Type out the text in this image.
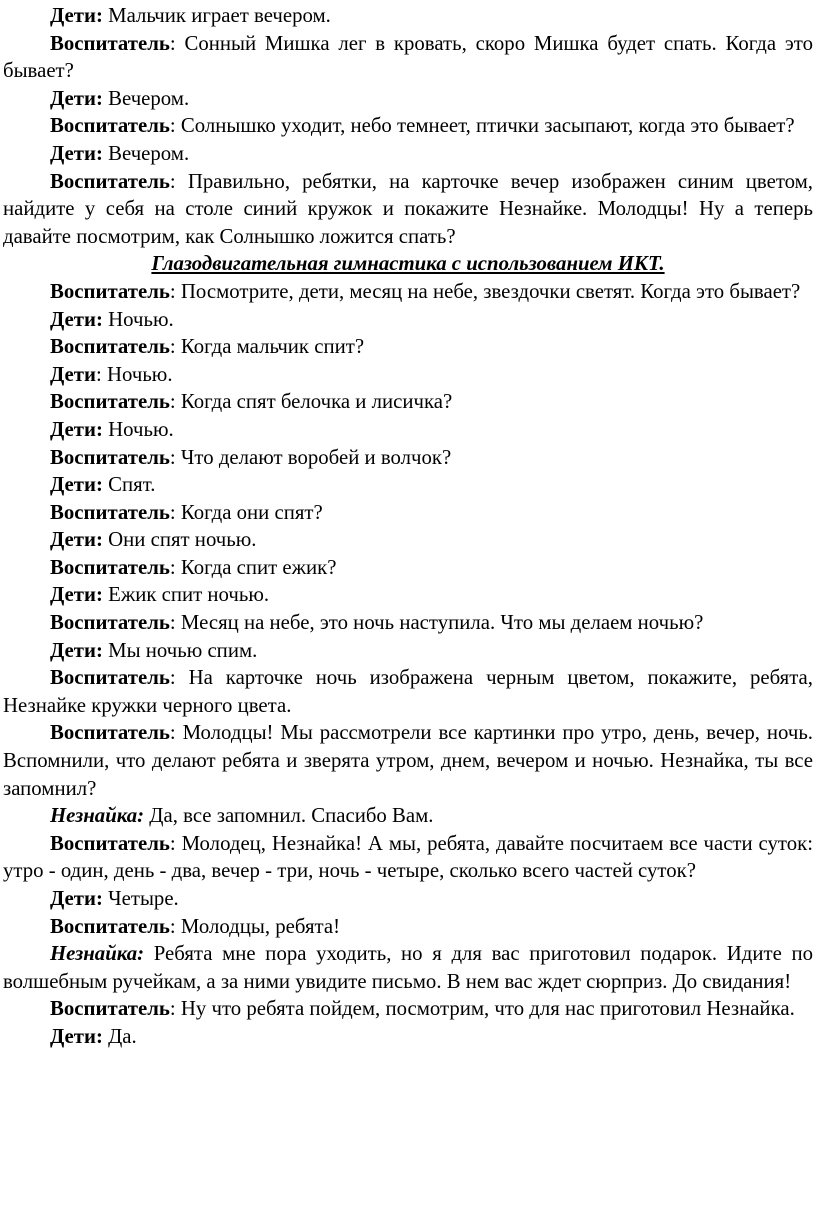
Дети: Мальчик играет вечером.

Воспитатель: Сонный Мишка лег в кровать, скоро Мишка будет спать. Когда это бывает?

Дети: Вечером.

Воспитатель: Солнышко уходит, небо темнеет, птички засыпают, когда это бывает?

Дети: Вечером.

Воспитатель: Правильно, ребятки, на карточке вечер изображен синим цветом, найдите у себя на столе синий кружок и покажите Незнайке. Молодцы! Ну а теперь давайте посмотрим, как Солнышко ложится спать?

Глазодвигательная гимнастика с использованием ИКТ.

Воспитатель: Посмотрите, дети, месяц на небе, звездочки светят. Когда это бывает?

Дети: Ночью.

Воспитатель: Когда мальчик спит?

Дети: Ночью.

Воспитатель: Когда спят белочка и лисичка?

Дети: Ночью.

Воспитатель: Что делают воробей и волчок?

Дети: Спят.

Воспитатель: Когда они спят?

Дети: Они спят ночью.

Воспитатель: Когда спит ежик?

Дети: Ежик спит ночью.

Воспитатель: Месяц на небе, это ночь наступила. Что мы делаем ночью?

Дети: Мы ночью спим.

Воспитатель: На карточке ночь изображена черным цветом, покажите, ребята, Незнайке кружки черного цвета.

Воспитатель: Молодцы! Мы рассмотрели все картинки про утро, день, вечер, ночь. Вспомнили, что делают ребята и зверята утром, днем, вечером и ночью. Незнайка, ты все запомнил?

Незнайка: Да, все запомнил. Спасибо Вам.

Воспитатель: Молодец, Незнайка! А мы, ребята, давайте посчитаем все части суток: утро - один, день - два, вечер - три, ночь - четыре, сколько всего частей суток?

Дети: Четыре.

Воспитатель: Молодцы, ребята!

Незнайка: Ребята мне пора уходить, но я для вас приготовил подарок. Идите по волшебным ручейкам, а за ними увидите письмо. В нем вас ждет сюрприз. До свидания!

Воспитатель: Ну что ребята пойдем, посмотрим, что для нас приготовил Незнайка.

Дети: Да.
